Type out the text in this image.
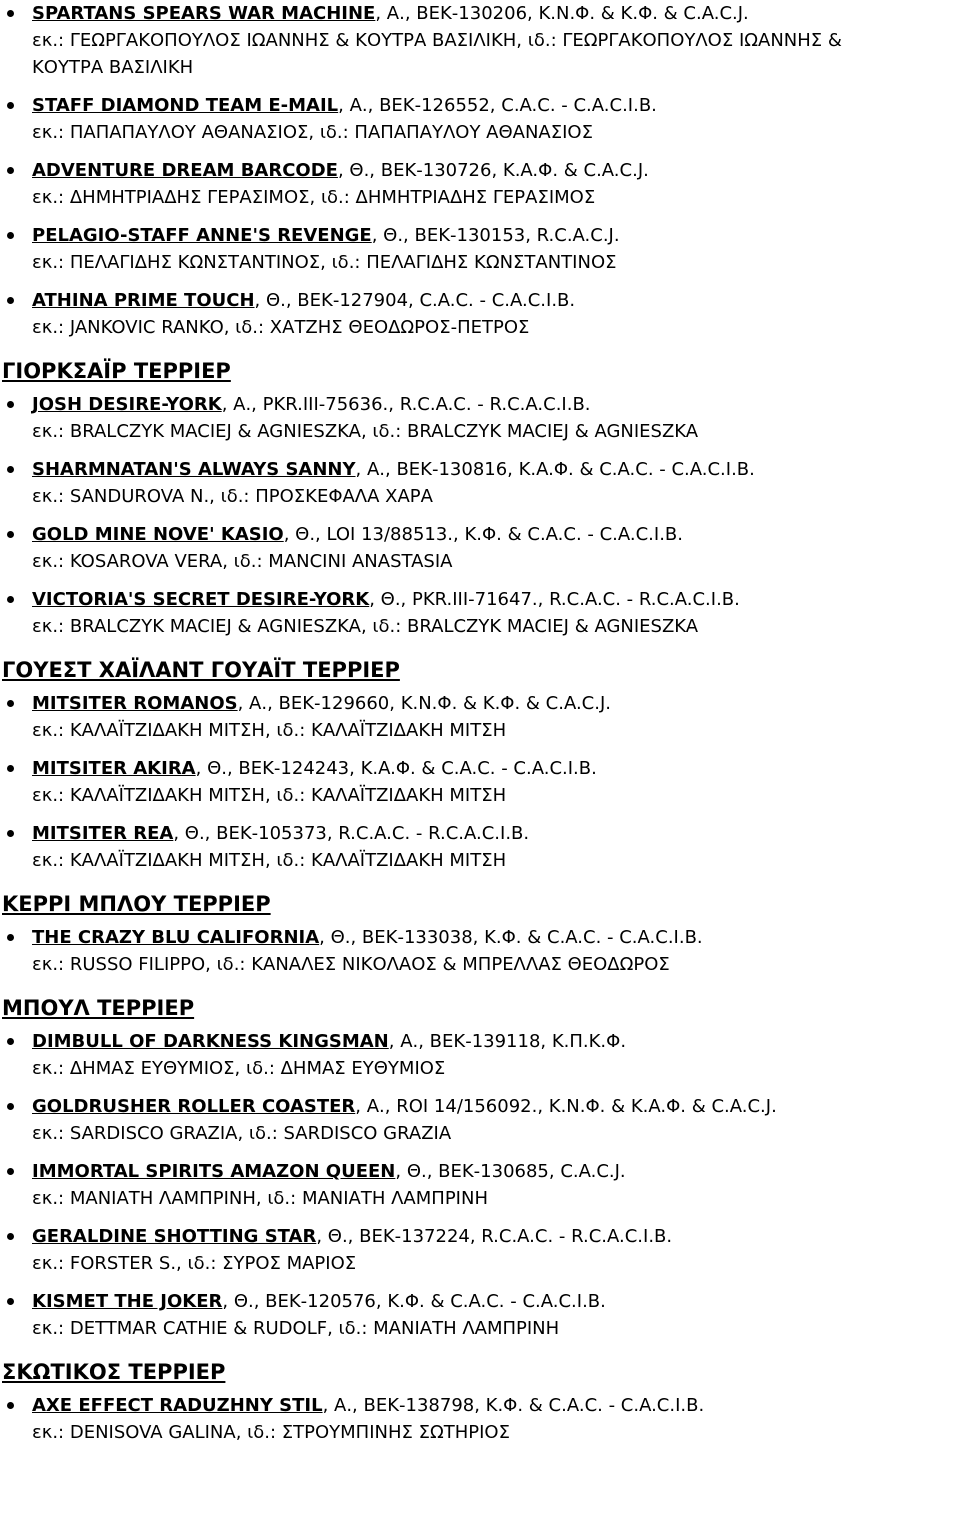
SPARTANS SPEARS WAR MACHINE, Α., ΒΕΚ-130206, K.N.Φ. & K.Φ. & C.A.C.J.
εκ.: ΓΕΩΡΓΑΚΟΠΟΥΛΟΣ ΙΩΑΝΝΗΣ & ΚΟΥΤΡΑ ΒΑΣΙΛΙΚΗ, ιδ.: ΓΕΩΡΓΑΚΟΠΟΥΛΟΣ ΙΩΑΝΝΗΣ &
ΚΟΥΤΡΑ ΒΑΣΙΛΙΚΗ
STAFF DIAMOND TEAM E-MAIL, Α., ΒΕΚ-126552, C.A.C. - C.A.C.I.B.
εκ.: ΠΑΠΑΠΑΥΛΟΥ ΑΘΑΝΑΣΙΟΣ, ιδ.: ΠΑΠΑΠΑΥΛΟΥ ΑΘΑΝΑΣΙΟΣ
ADVENTURE DREAM BARCODE, Θ., ΒΕΚ-130726, K.A.Φ. & C.A.C.J.
εκ.: ΔΗΜΗΤΡΙΑΔΗΣ ΓΕΡΑΣΙΜΟΣ, ιδ.: ΔΗΜΗΤΡΙΑΔΗΣ ΓΕΡΑΣΙΜΟΣ
PELAGIO-STAFF ANNE'S REVENGE, Θ., ΒΕΚ-130153, R.C.A.C.J.
εκ.: ΠΕΛΑΓΙΔΗΣ ΚΩΝΣΤΑΝΤΙΝΟΣ, ιδ.: ΠΕΛΑΓΙΔΗΣ ΚΩΝΣΤΑΝΤΙΝΟΣ
ATHINA PRIME TOUCH, Θ., ΒΕΚ-127904, C.A.C. - C.A.C.I.B.
εκ.: JANKOVIC RANKO, ιδ.: ΧΑΤΖΗΣ ΘΕΟΔΩΡΟΣ-ΠΕΤΡΟΣ
ΓΙΟΡΚΣΑΪΡ ΤΕΡΡΙΕΡ
JOSH DESIRE-YORK, Α., PKR.III-75636., R.C.A.C. - R.C.A.C.I.B.
εκ.: BRALCZYK MACIEJ & AGNIESZKA, ιδ.: BRALCZYK MACIEJ & AGNIESZKA
SHARMNATAN'S ALWAYS SANNY, Α., ΒΕΚ-130816, K.A.Φ. & C.A.C. - C.A.C.I.B.
εκ.: SANDUROVA N., ιδ.: ΠΡΟΣΚΕΦΑΛΑ ΧΑΡΑ
GOLD MINE NOVE' KASIO, Θ., LOI 13/88513., K.Φ. & C.A.C. - C.A.C.I.B.
εκ.: KOSAROVA VERA, ιδ.: MANCINI ANASTASIA
VICTORIA'S SECRET DESIRE-YORK, Θ., PKR.III-71647., R.C.A.C. - R.C.A.C.I.B.
εκ.: BRALCZYK MACIEJ & AGNIESZKA, ιδ.: BRALCZYK MACIEJ & AGNIESZKA
ΓΟΥΕΣΤ ΧΑΪΛΑΝΤ ΓΟΥΑΪΤ ΤΕΡΡΙΕΡ
MITSITER ROMANOS, Α., ΒΕΚ-129660, K.N.Φ. & K.Φ. & C.A.C.J.
εκ.: ΚΑΛΑΪΤΖΙΔΑΚΗ ΜΙΤΣΗ, ιδ.: ΚΑΛΑΪΤΖΙΔΑΚΗ ΜΙΤΣΗ
MITSITER AKIRA, Θ., ΒΕΚ-124243, K.A.Φ. & C.A.C. - C.A.C.I.B.
εκ.: ΚΑΛΑΪΤΖΙΔΑΚΗ ΜΙΤΣΗ, ιδ.: ΚΑΛΑΪΤΖΙΔΑΚΗ ΜΙΤΣΗ
MITSITER REA, Θ., ΒΕΚ-105373, R.C.A.C. - R.C.A.C.I.B.
εκ.: ΚΑΛΑΪΤΖΙΔΑΚΗ ΜΙΤΣΗ, ιδ.: ΚΑΛΑΪΤΖΙΔΑΚΗ ΜΙΤΣΗ
ΚΕΡΡΙ ΜΠΛΟΥ ΤΕΡΡΙΕΡ
THE CRAZY BLU CALIFORNIA, Θ., ΒΕΚ-133038, K.Φ. & C.A.C. - C.A.C.I.B.
εκ.: RUSSO FILIPPO, ιδ.: ΚΑΝΑΛΕΣ ΝΙΚΟΛΑΟΣ & ΜΠΡΕΛΛΑΣ ΘΕΟΔΩΡΟΣ
ΜΠΟΥΛ ΤΕΡΡΙΕΡ
DIMBULL OF DARKNESS KINGSMAN, Α., ΒΕΚ-139118, K.Π.K.Φ.
εκ.: ΔΗΜΑΣ ΕΥΘΥΜΙΟΣ, ιδ.: ΔΗΜΑΣ ΕΥΘΥΜΙΟΣ
GOLDRUSHER ROLLER COASTER, Α., ROI 14/156092., K.N.Φ. & K.A.Φ. & C.A.C.J.
εκ.: SARDISCO GRAZIA, ιδ.: SARDISCO GRAZIA
IMMORTAL SPIRITS AMAZON QUEEN, Θ., ΒΕΚ-130685, C.A.C.J.
εκ.: ΜΑΝΙΑΤΗ ΛΑΜΠΡΙΝΗ, ιδ.: ΜΑΝΙΑΤΗ ΛΑΜΠΡΙΝΗ
GERALDINE SHOTTING STAR, Θ., ΒΕΚ-137224, R.C.A.C. - R.C.A.C.I.B.
εκ.: FORSTER S., ιδ.: ΣΥΡΟΣ ΜΑΡΙΟΣ
KISMET THE JOKER, Θ., ΒΕΚ-120576, K.Φ. & C.A.C. - C.A.C.I.B.
εκ.: DETTMAR CATHIE & RUDOLF, ιδ.: ΜΑΝΙΑΤΗ ΛΑΜΠΡΙΝΗ
ΣΚΩΤΙΚΟΣ ΤΕΡΡΙΕΡ
AXE EFFECT RADUZHNY STIL, Α., ΒΕΚ-138798, K.Φ. & C.A.C. - C.A.C.I.B.
εκ.: DENISOVA GALINA, ιδ.: ΣΤΡΟΥΜΠΙΝΗΣ ΣΩΤΗΡΙΟΣ
